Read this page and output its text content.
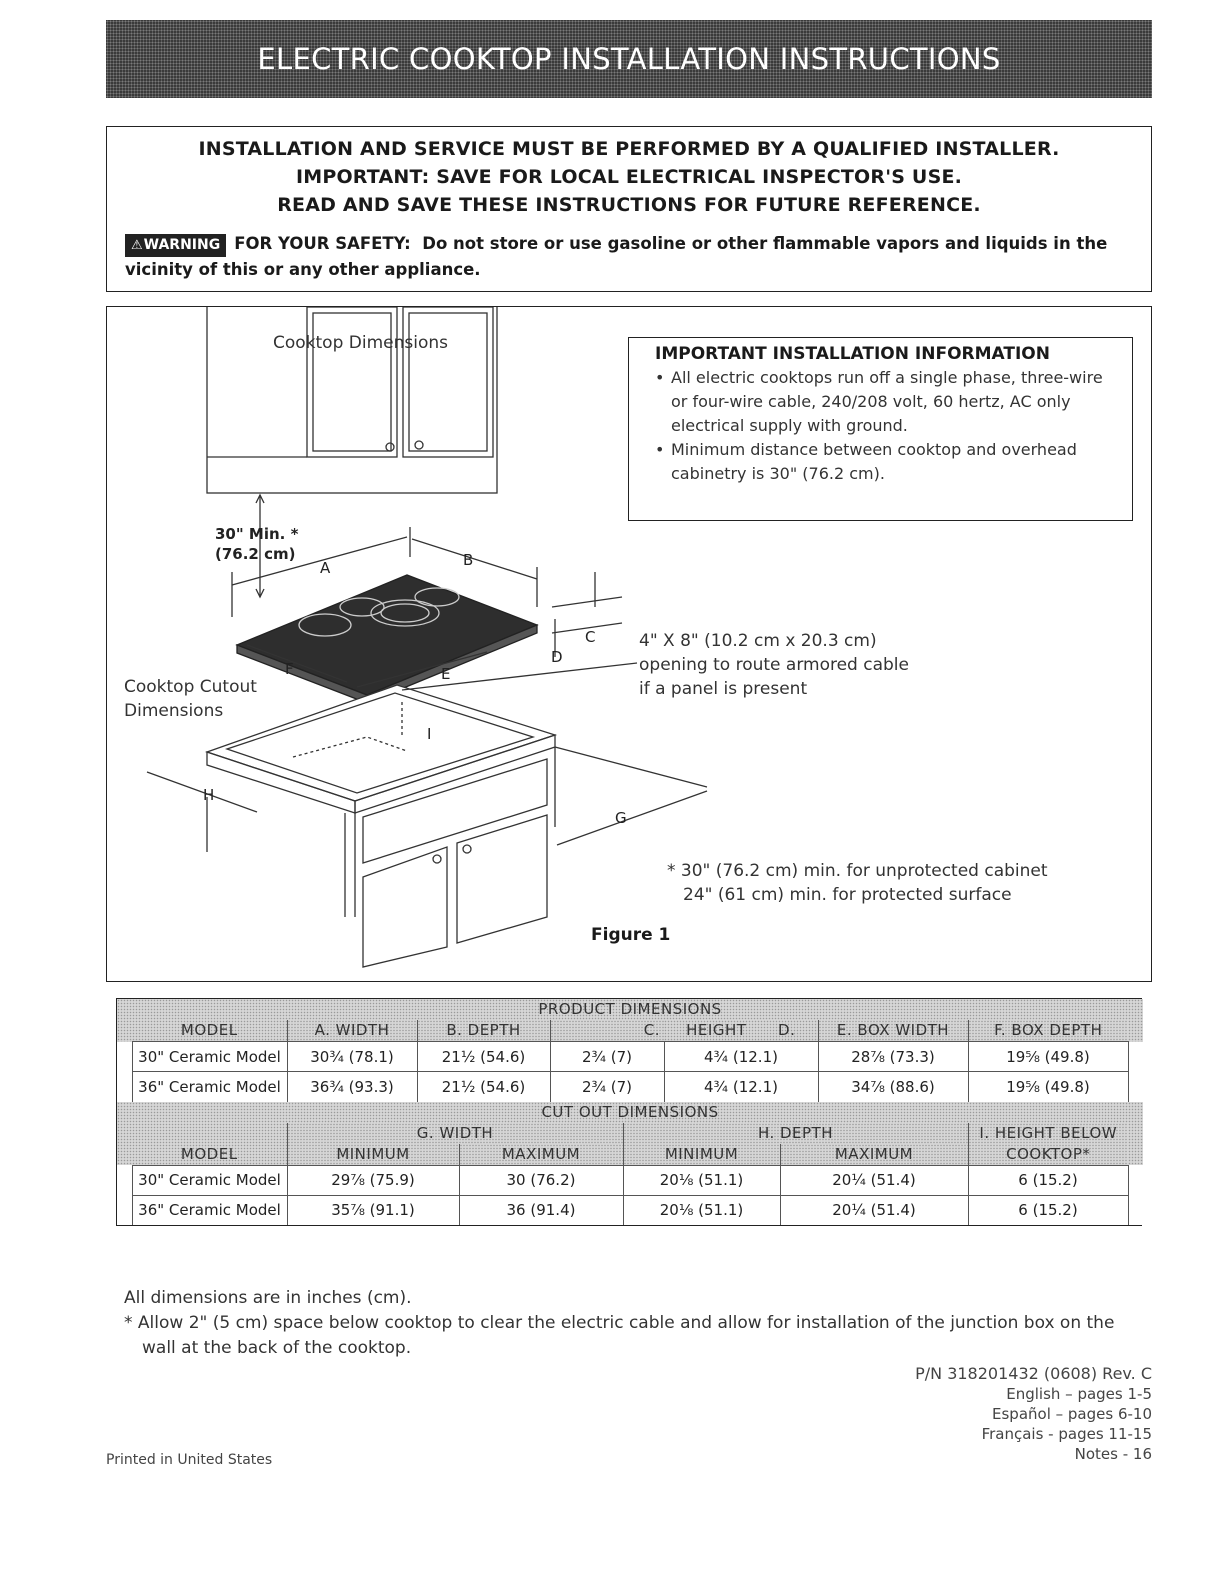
ELECTRIC COOKTOP INSTALLATION INSTRUCTIONS
INSTALLATION AND SERVICE MUST BE PERFORMED BY A QUALIFIED INSTALLER.
IMPORTANT: SAVE FOR LOCAL ELECTRICAL INSPECTOR'S USE.
READ AND SAVE THESE INSTRUCTIONS FOR FUTURE REFERENCE.
⚠WARNING FOR YOUR SAFETY: Do not store or use gasoline or other flammable vapors and liquids in the vicinity of this or any other appliance.
A	B
C
D
E
F
G
H
I
30" Min. *
(76.2 cm)
Cooktop Dimensions
Cooktop Cutout
Dimensions
IMPORTANT INSTALLATION INFORMATION
• All electric cooktops run off a single phase, three-wire or four-wire cable, 240/208 volt, 60 hertz, AC only electrical supply with ground.
• Minimum distance between cooktop and overhead cabinetry is 30" (76.2 cm).
4" X 8" (10.2 cm x 20.3 cm)
opening to route armored cable
if a panel is present
* 30" (76.2 cm) min. for unprotected cabinet
24" (61 cm) min. for protected surface
Figure 1
PRODUCT DIMENSIONS								
	MODEL	A. WIDTH	B. DEPTH	C.	HEIGHT D.	E. BOX WIDTH	F. BOX DEPTH	
	30" Ceramic Model	30¾ (78.1)	21½ (54.6)	2¾ (7)	4¾ (12.1)	28⅞ (73.3)	19⅝ (49.8)	
	36" Ceramic Model	36¾ (93.3)	21½ (54.6)	2¾ (7)	4¾ (12.1)	34⅞ (88.6)	19⅝ (49.8)	
CUT OUT DIMENSIONS							
		G. WIDTH		H. DEPTH		I. HEIGHT BELOW	
	MODEL	MINIMUM	MAXIMUM	MINIMUM	MAXIMUM	COOKTOP*	
	30" Ceramic Model	29⅞ (75.9)	30 (76.2)	20⅛ (51.1)	20¼ (51.4)	6 (15.2)	
	36" Ceramic Model	35⅞ (91.1)	36 (91.4)	20⅛ (51.1)	20¼ (51.4)	6 (15.2)	
All dimensions are in inches (cm).
* Allow 2" (5 cm) space below cooktop to clear the electric cable and allow for installation of the junction box on the
wall at the back of the cooktop.
P/N 318201432 (0608) Rev. C
English – pages 1-5
Español – pages 6-10
Français - pages 11-15
Notes - 16
Printed in United States
